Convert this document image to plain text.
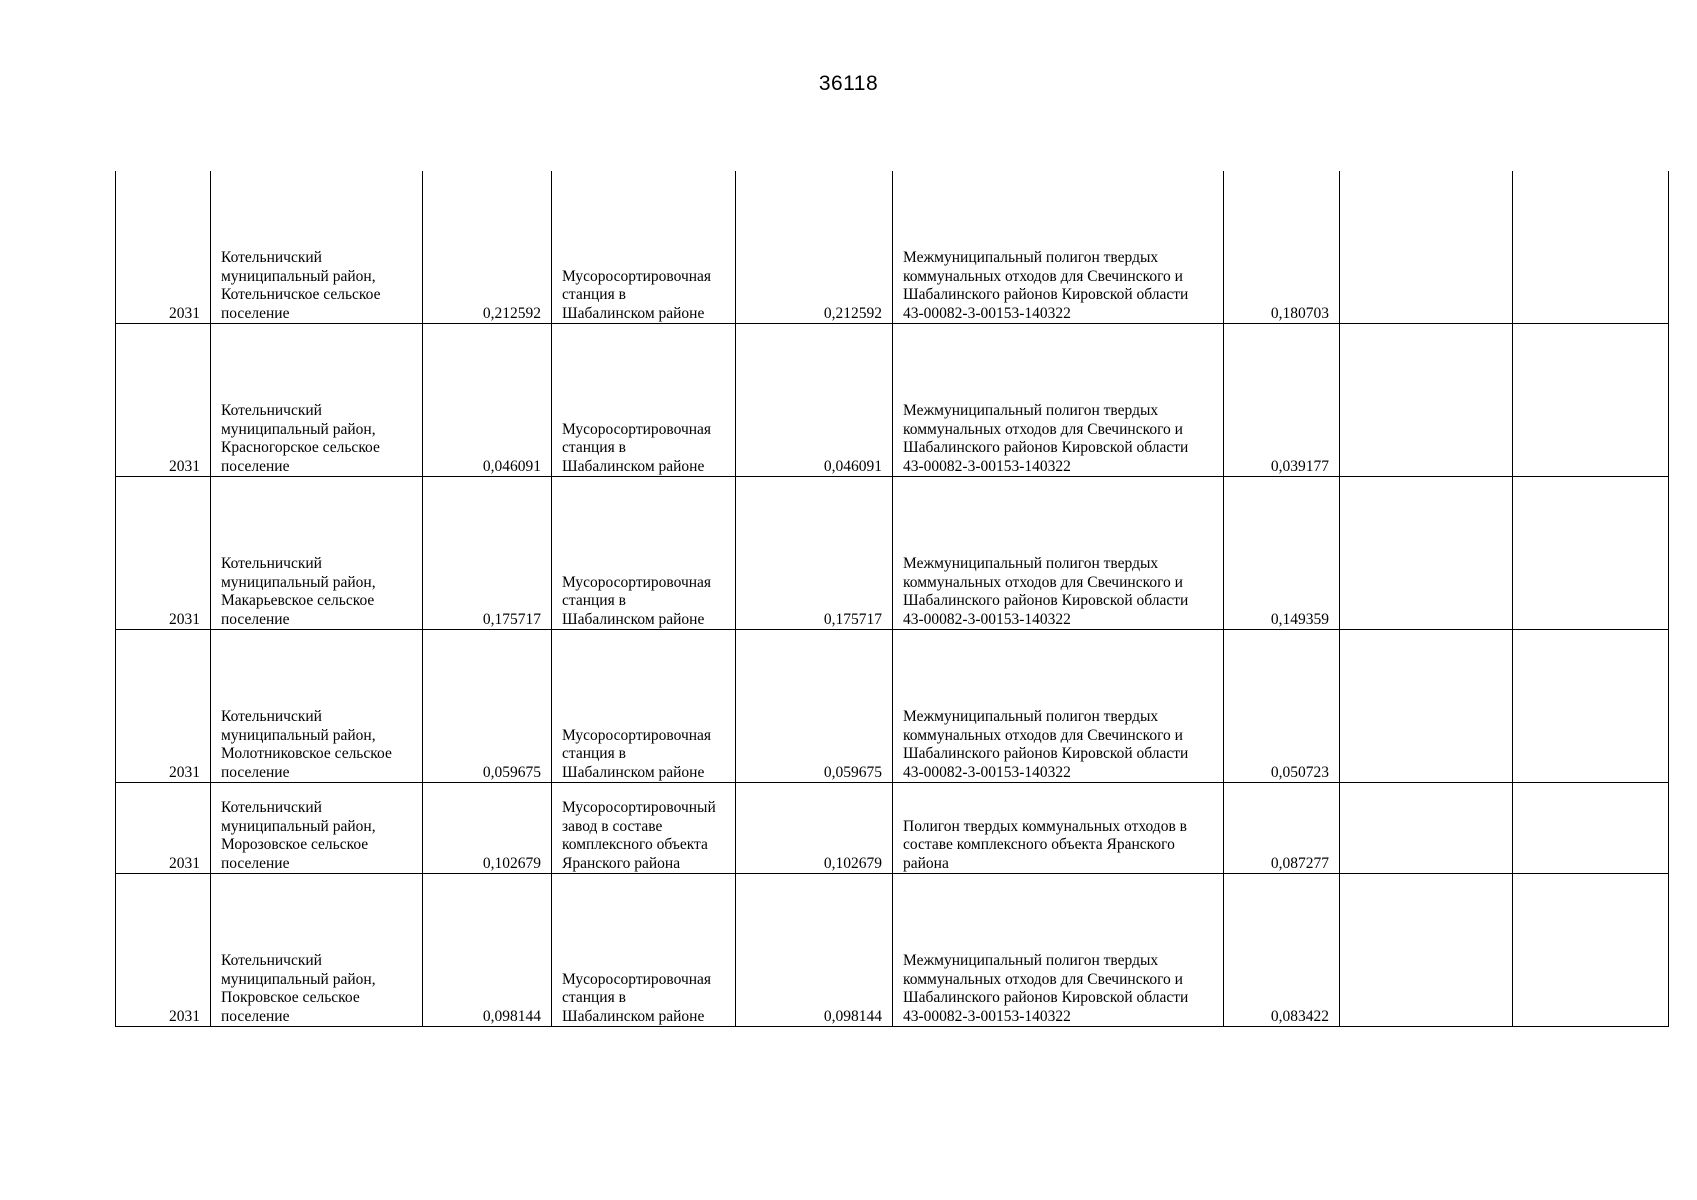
36118
2031	Котельничский
муниципальный район,
Котельничское сельское
поселение	0,212592	Мусоросортировочная
станция в
Шабалинском районе	0,212592	Межмуниципальный полигон твердых
коммунальных отходов для Свечинского и
Шабалинского районов Кировской области
43-00082-3-00153-140322	0,180703		
2031	Котельничский
муниципальный район,
Красногорское сельское
поселение	0,046091	Мусоросортировочная
станция в
Шабалинском районе	0,046091	Межмуниципальный полигон твердых
коммунальных отходов для Свечинского и
Шабалинского районов Кировской области
43-00082-3-00153-140322	0,039177		
2031	Котельничский
муниципальный район,
Макарьевское сельское
поселение	0,175717	Мусоросортировочная
станция в
Шабалинском районе	0,175717	Межмуниципальный полигон твердых
коммунальных отходов для Свечинского и
Шабалинского районов Кировской области
43-00082-3-00153-140322	0,149359		
2031	Котельничский
муниципальный район,
Молотниковское сельское
поселение	0,059675	Мусоросортировочная
станция в
Шабалинском районе	0,059675	Межмуниципальный полигон твердых
коммунальных отходов для Свечинского и
Шабалинского районов Кировской области
43-00082-3-00153-140322	0,050723		
2031	Котельничский
муниципальный район,
Морозовское сельское
поселение	0,102679	Мусоросортировочный
завод в составе
комплексного объекта
Яранского района	0,102679	Полигон твердых коммунальных отходов в
составе комплексного объекта Яранского
района	0,087277		
2031	Котельничский
муниципальный район,
Покровское сельское
поселение	0,098144	Мусоросортировочная
станция в
Шабалинском районе	0,098144	Межмуниципальный полигон твердых
коммунальных отходов для Свечинского и
Шабалинского районов Кировской области
43-00082-3-00153-140322	0,083422		
